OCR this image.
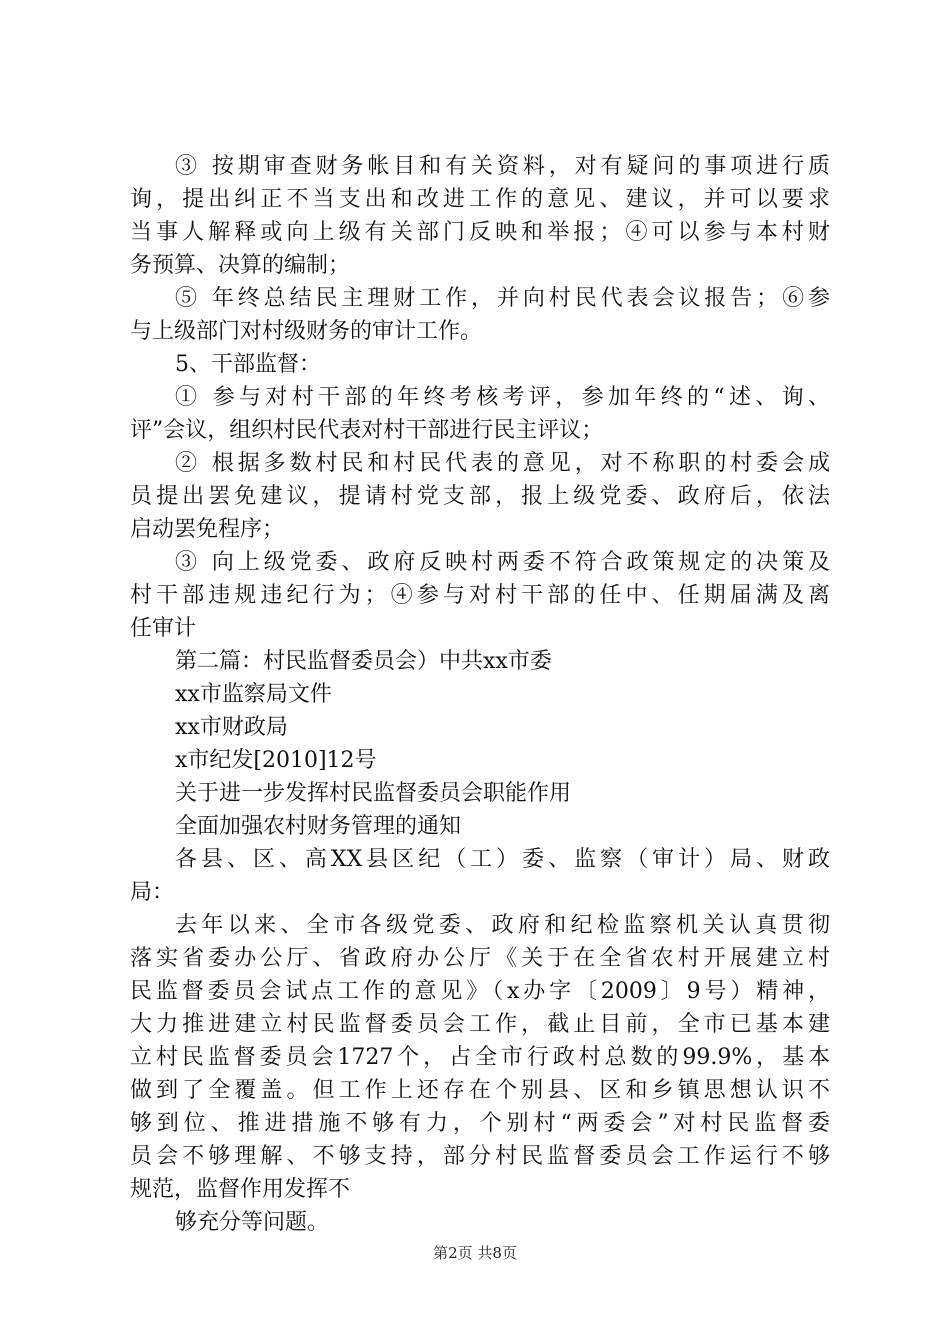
③ 按期审查财务帐目和有关资料，对有疑问的事项进行质
询，提出纠正不当支出和改进工作的意见、建议，并可以要求
当事人解释或向上级有关部门反映和举报；④可以参与本村财
务预算、决算的编制；
⑤ 年终总结民主理财工作，并向村民代表会议报告；⑥参
与上级部门对村级财务的审计工作。
5、干部监督：
① 参与对村干部的年终考核考评，参加年终的“述、询、
评”会议，组织村民代表对村干部进行民主评议；
② 根据多数村民和村民代表的意见，对不称职的村委会成
员提出罢免建议，提请村党支部，报上级党委、政府后，依法
启动罢免程序；
③ 向上级党委、政府反映村两委不符合政策规定的决策及
村干部违规违纪行为；④参与对村干部的任中、任期届满及离
任审计
第二篇：村民监督委员会）中共xx市委
xx市监察局文件
xx市财政局
x市纪发[2010]12号
关于进一步发挥村民监督委员会职能作用
全面加强农村财务管理的通知
各县、区、高XX县区纪（工）委、监察（审计）局、财政
局：
去年以来、全市各级党委、政府和纪检监察机关认真贯彻
落实省委办公厅、省政府办公厅《关于在全省农村开展建立村
民监督委员会试点工作的意见》（x办字〔2009〕9号）精神，
大力推进建立村民监督委员会工作，截止目前，全市已基本建
立村民监督委员会1727个，占全市行政村总数的99.9%，基本
做到了全覆盖。但工作上还存在个别县、区和乡镇思想认识不
够到位、推进措施不够有力，个别村“两委会”对村民监督委
员会不够理解、不够支持，部分村民监督委员会工作运行不够
规范，监督作用发挥不
够充分等问题。
第2页 共8页
